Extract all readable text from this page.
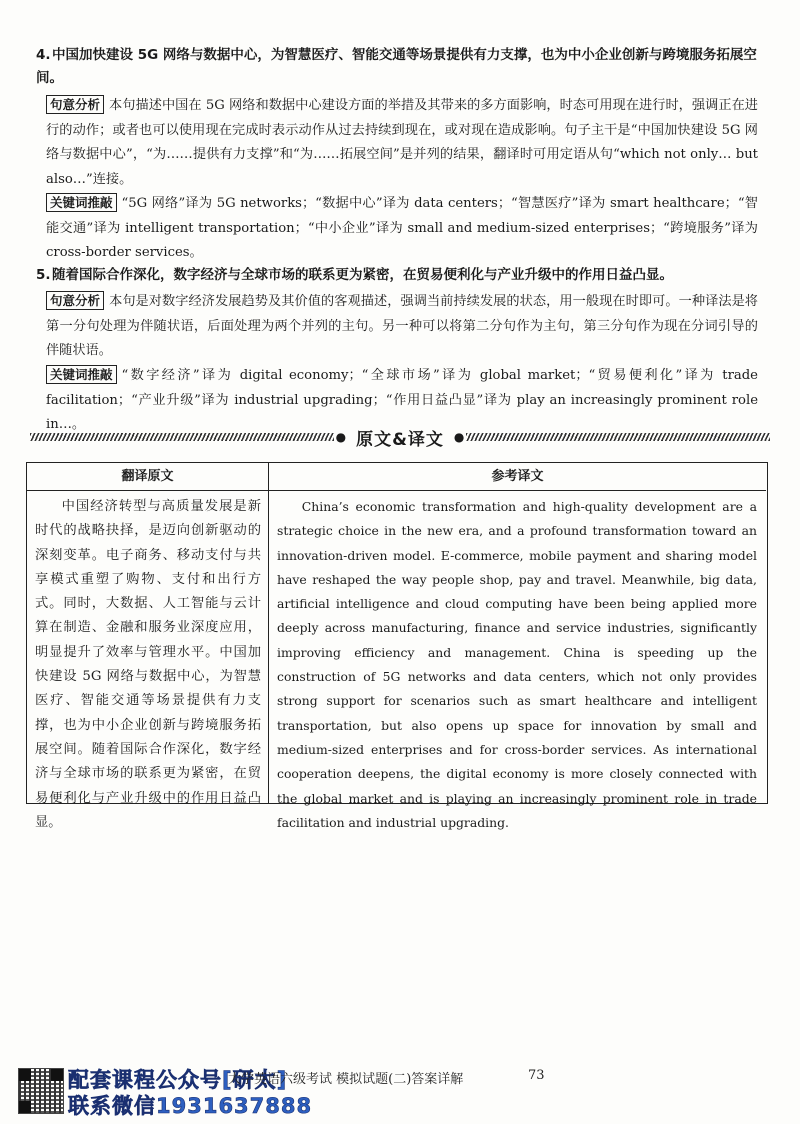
4.中国加快建设 5G 网络与数据中心，为智慧医疗、智能交通等场景提供有力支撑，也为中小企业创新与跨境服务拓展空间。
句意分析 本句描述中国在 5G 网络和数据中心建设方面的举措及其带来的多方面影响，时态可用现在进行时，强调正在进行的动作；或者也可以使用现在完成时表示动作从过去持续到现在，或对现在造成影响。句子主干是“中国加快建设 5G 网络与数据中心”，“为……提供有力支撑”和“为……拓展空间”是并列的结果，翻译时可用定语从句“which not only… but also…”连接。
关键词推敲 “5G 网络”译为 5G networks；“数据中心”译为 data centers；“智慧医疗”译为 smart healthcare；“智能交通”译为 intelligent transportation；“中小企业”译为 small and medium-sized enterprises；“跨境服务”译为 cross-border services。
5.随着国际合作深化，数字经济与全球市场的联系更为紧密，在贸易便利化与产业升级中的作用日益凸显。
句意分析 本句是对数字经济发展趋势及其价值的客观描述，强调当前持续发展的状态，用一般现在时即可。一种译法是将第一分句处理为伴随状语，后面处理为两个并列的主句。另一种可以将第二分句作为主句，第三分句作为现在分词引导的伴随状语。
关键词推敲 “数字经济”译为 digital economy；“全球市场”译为 global market；“贸易便利化”译为 trade facilitation；“产业升级”译为 industrial upgrading；“作用日益凸显”译为 play an increasingly prominent role in…。
● 原文&译文 ●
翻译原文	参考译文
中国经济转型与高质量发展是新时代的战略抉择，是迈向创新驱动的深刻变革。电子商务、移动支付与共享模式重塑了购物、支付和出行方式。同时，大数据、人工智能与云计算在制造、金融和服务业深度应用，明显提升了效率与管理水平。中国加快建设 5G 网络与数据中心，为智慧医疗、智能交通等场景提供有力支撑，也为中小企业创新与跨境服务拓展空间。随着国际合作深化，数字经济与全球市场的联系更为紧密，在贸易便利化与产业升级中的作用日益凸显。
China’s economic transformation and high-quality development are a strategic choice in the new era, and a profound transformation toward an innovation-driven model. E-commerce, mobile payment and sharing model have reshaped the way people shop, pay and travel. Meanwhile, big data, artificial intelligence and cloud computing have been being applied more deeply across manufacturing, finance and service industries, significantly improving efficiency and management. China is speeding up the construction of 5G networks and data centers, which not only provides strong support for scenarios such as smart healthcare and intelligent transportation, but also opens up space for innovation by small and medium-sized enterprises and for cross-border services. As international cooperation deepens, the digital economy is more closely connected with the global market and is playing an increasingly prominent role in trade facilitation and industrial upgrading.
配套课程公众号[研太]
联系微信1931637888
大学英语六级考试 模拟试题(二)答案详解	73
